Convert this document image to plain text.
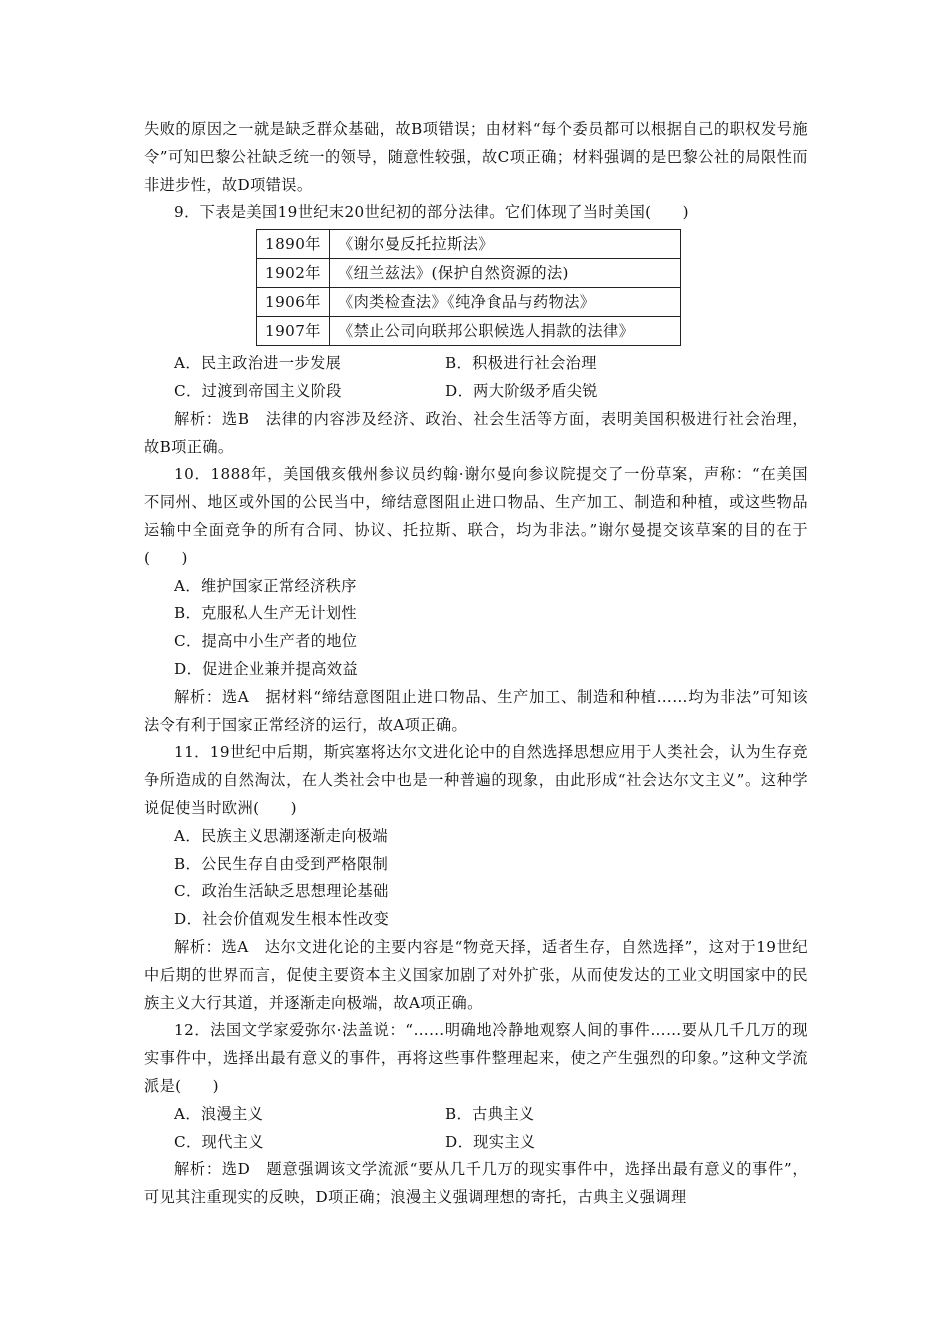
失败的原因之一就是缺乏群众基础，故B项错误；由材料“每个委员都可以根据自己的职权发号施令”可知巴黎公社缺乏统一的领导，随意性较强，故C项正确；材料强调的是巴黎公社的局限性而非进步性，故D项错误。

9．下表是美国19世纪末20世纪初的部分法律。它们体现了当时美国(　　)

1890年	《谢尔曼反托拉斯法》
1902年	《纽兰兹法》(保护自然资源的法)
1906年	《肉类检查法》《纯净食品与药物法》
1907年	《禁止公司向联邦公职候选人捐款的法律》
A．民主政治进一步发展	B．积极进行社会治理
C．过渡到帝国主义阶段	D．两大阶级矛盾尖锐

解析：选B　法律的内容涉及经济、政治、社会生活等方面，表明美国积极进行社会治理，故B项正确。

10．1888年，美国俄亥俄州参议员约翰·谢尔曼向参议院提交了一份草案，声称：“在美国不同州、地区或外国的公民当中，缔结意图阻止进口物品、生产加工、制造和种植，或这些物品运输中全面竞争的所有合同、协议、托拉斯、联合，均为非法。”谢尔曼提交该草案的目的在于(　　)

A．维护国家正常经济秩序

B．克服私人生产无计划性

C．提高中小生产者的地位

D．促进企业兼并提高效益

解析：选A　据材料“缔结意图阻止进口物品、生产加工、制造和种植……均为非法”可知该法令有利于国家正常经济的运行，故A项正确。

11．19世纪中后期，斯宾塞将达尔文进化论中的自然选择思想应用于人类社会，认为生存竞争所造成的自然淘汰，在人类社会中也是一种普遍的现象，由此形成“社会达尔文主义”。这种学说促使当时欧洲(　　)

A．民族主义思潮逐渐走向极端

B．公民生存自由受到严格限制

C．政治生活缺乏思想理论基础

D．社会价值观发生根本性改变

解析：选A　达尔文进化论的主要内容是“物竞天择，适者生存，自然选择”，这对于19世纪中后期的世界而言，促使主要资本主义国家加剧了对外扩张，从而使发达的工业文明国家中的民族主义大行其道，并逐渐走向极端，故A项正确。

12．法国文学家爱弥尔·法盖说：“……明确地冷静地观察人间的事件……要从几千几万的现实事件中，选择出最有意义的事件，再将这些事件整理起来，使之产生强烈的印象。”这种文学流派是(　　)

A．浪漫主义	B．古典主义
C．现代主义	D．现实主义

解析：选D　题意强调该文学流派“要从几千几万的现实事件中，选择出最有意义的事件”，可见其注重现实的反映，D项正确；浪漫主义强调理想的寄托，古典主义强调理
